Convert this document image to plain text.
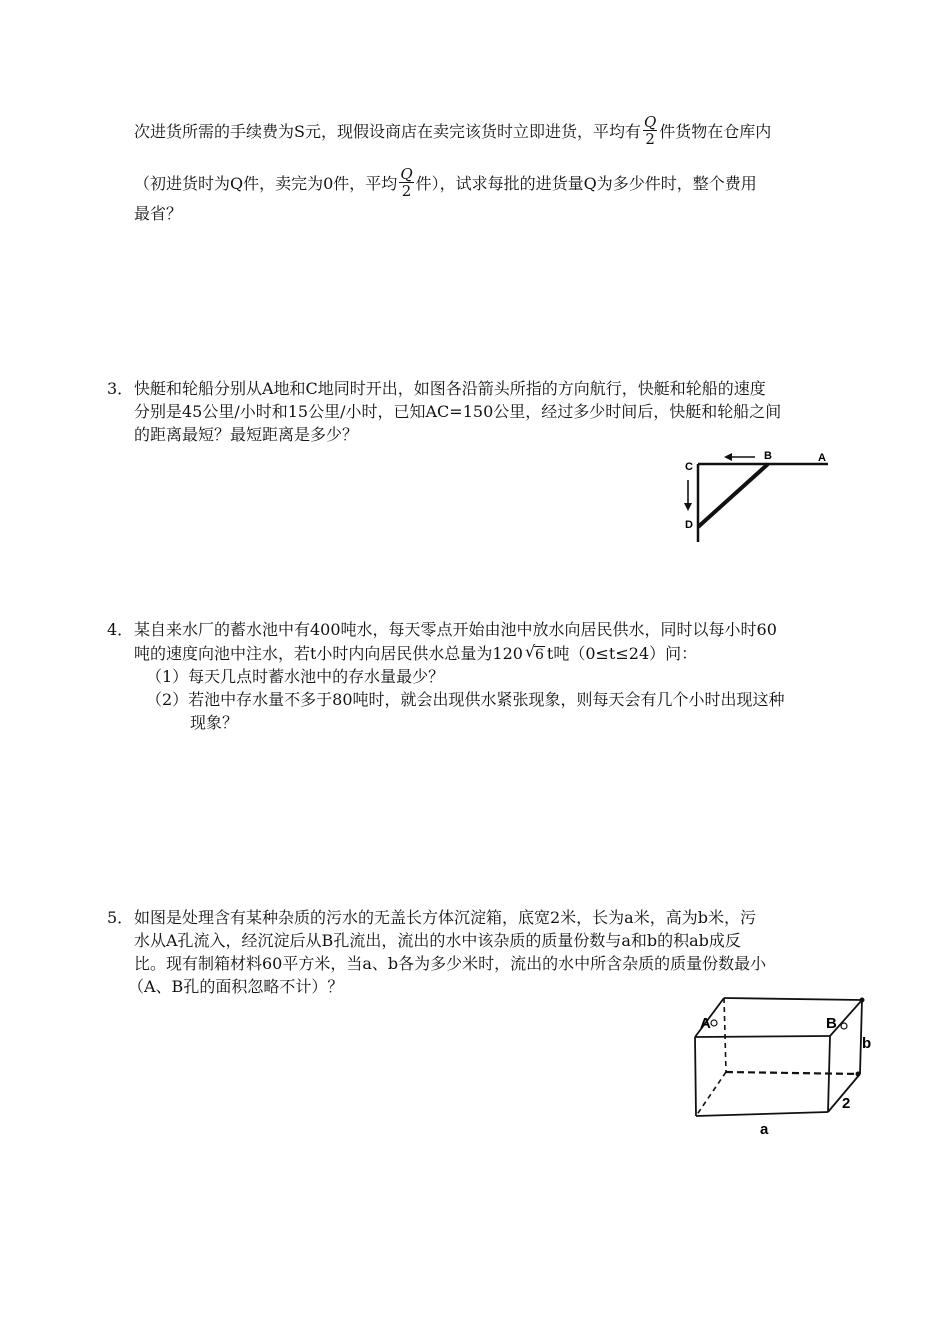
次进货所需的手续费为S元，现假设商店在卖完该货时立即进货，平均有 $\frac{Q}{2}$ 件货物在仓库内
（初进货时为Q件，卖完为0件，平均 $\frac{Q}{2}$ 件），试求每批的进货量Q为多少件时，整个费用
最省？
3． 快艇和轮船分别从A地和C地同时开出，如图各沿箭头所指的方向航行，快艇和轮船的速度
分别是45公里/小时和15公里/小时，已知AC=150公里，经过多少时间后，快艇和轮船之间
的距离最短？最短距离是多少？
C
B	A
D
4． 某自来水厂的蓄水池中有400吨水，每天零点开始由池中放水向居民供水，同时以每小时60
吨的速度向池中注水，若t小时内向居民供水总量为120 √ 6 t吨（0≤t≤24）问：
（1）每天几点时蓄水池中的存水量最少？
（2）若池中存水量不多于80吨时，就会出现供水紧张现象，则每天会有几个小时出现这种
现象？
5． 如图是处理含有某种杂质的污水的无盖长方体沉淀箱，底宽2米，长为a米，高为b米，污
水从A孔流入，经沉淀后从B孔流出，流出的水中该杂质的质量份数与a和b的积ab成反
比。现有制箱材料60平方米，当a、b各为多少米时，流出的水中所含杂质的质量份数最小
（A、B孔的面积忽略不计）？
A	B
b
2
a
